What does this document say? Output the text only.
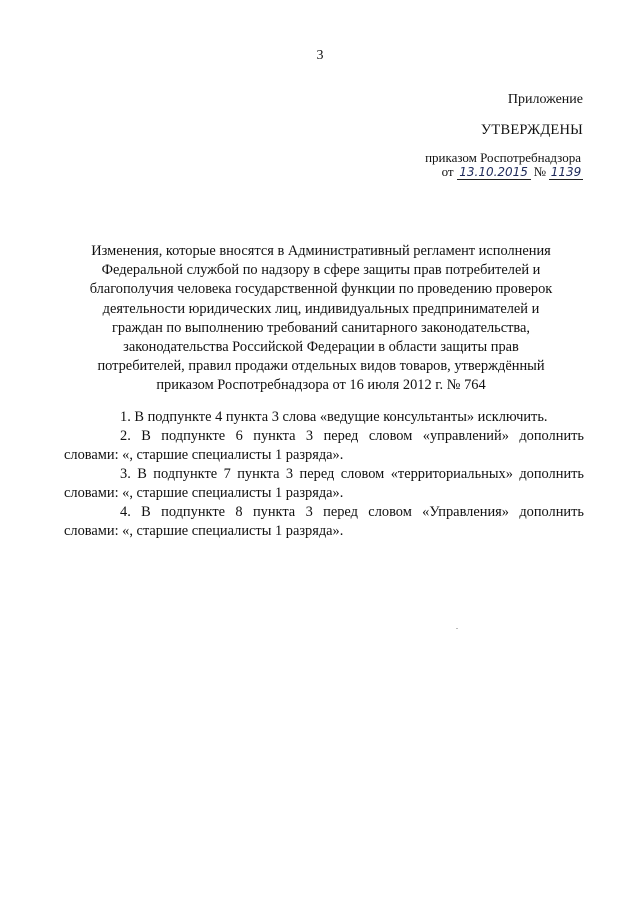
3
Приложение
УТВЕРЖДЕНЫ
приказом Роспотребнадзора
от 13.10.2015 № 1139
Изменения, которые вносятся в Административный регламент исполнения
Федеральной службой по надзору в сфере защиты прав потребителей и
благополучия человека государственной функции по проведению проверок
деятельности юридических лиц, индивидуальных предпринимателей и
граждан по выполнению требований санитарного законодательства,
законодательства Российской Федерации в области защиты прав
потребителей, правил продажи отдельных видов товаров, утверждённый
приказом Роспотребнадзора от 16 июля 2012 г. № 764
1. В подпунктe 4 пункта 3 слова «ведущие консультанты» исключить.
2. В подпункте 6 пункта 3 перед словом «управлений» дополнить
словами: «, старшие специалисты 1 разряда».
3. В подпункте 7 пункта 3 перед словом «территориальных» дополнить
словами: «, старшие специалисты 1 разряда».
4. В подпункте 8 пункта 3 перед словом «Управления» дополнить
словами: «, старшие специалисты 1 разряда».
